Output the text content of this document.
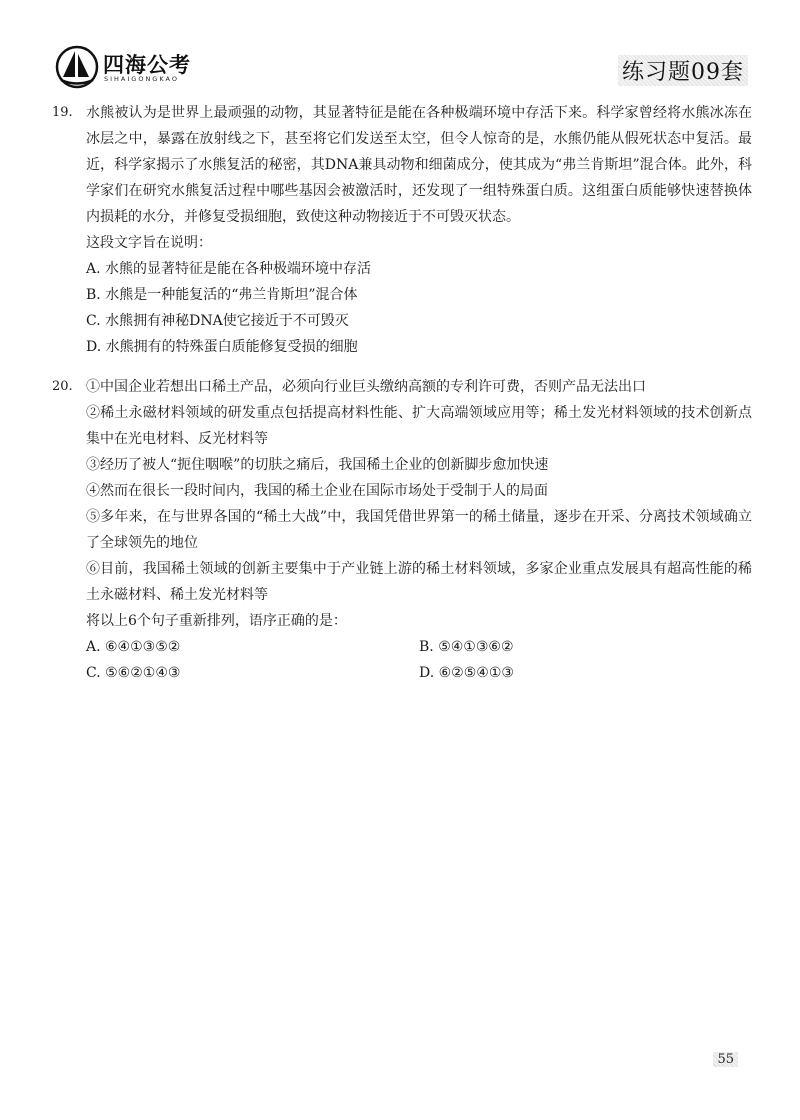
四海公考
SIHAIGONGKAO	练习题09套
19. 水熊被认为是世界上最顽强的动物，其显著特征是能在各种极端环境中存活下来。科学家曾经将水熊冰冻在冰层之中，暴露在放射线之下，甚至将它们发送至太空，但令人惊奇的是，水熊仍能从假死状态中复活。最近，科学家揭示了水熊复活的秘密，其DNA兼具动物和细菌成分，使其成为“弗兰肯斯坦”混合体。此外，科学家们在研究水熊复活过程中哪些基因会被激活时，还发现了一组特殊蛋白质。这组蛋白质能够快速替换体内损耗的水分，并修复受损细胞，致使这种动物接近于不可毁灭状态。
这段文字旨在说明：
A. 水熊的显著特征是能在各种极端环境中存活
B. 水熊是一种能复活的“弗兰肯斯坦”混合体
C. 水熊拥有神秘DNA使它接近于不可毁灭
D. 水熊拥有的特殊蛋白质能修复受损的细胞
20. ①中国企业若想出口稀土产品，必须向行业巨头缴纳高额的专利许可费，否则产品无法出口
②稀土永磁材料领域的研发重点包括提高材料性能、扩大高端领域应用等；稀土发光材料领域的技术创新点集中在光电材料、反光材料等
③经历了被人“扼住咽喉”的切肤之痛后，我国稀土企业的创新脚步愈加快速
④然而在很长一段时间内，我国的稀土企业在国际市场处于受制于人的局面
⑤多年来，在与世界各国的“稀土大战”中，我国凭借世界第一的稀土储量，逐步在开采、分离技术领域确立了全球领先的地位
⑥目前，我国稀土领域的创新主要集中于产业链上游的稀土材料领域，多家企业重点发展具有超高性能的稀土永磁材料、稀土发光材料等
将以上6个句子重新排列，语序正确的是：
A. ⑥④①③⑤②	B. ⑤④①③⑥②
C. ⑤⑥②①④③	D. ⑥②⑤④①③
55
